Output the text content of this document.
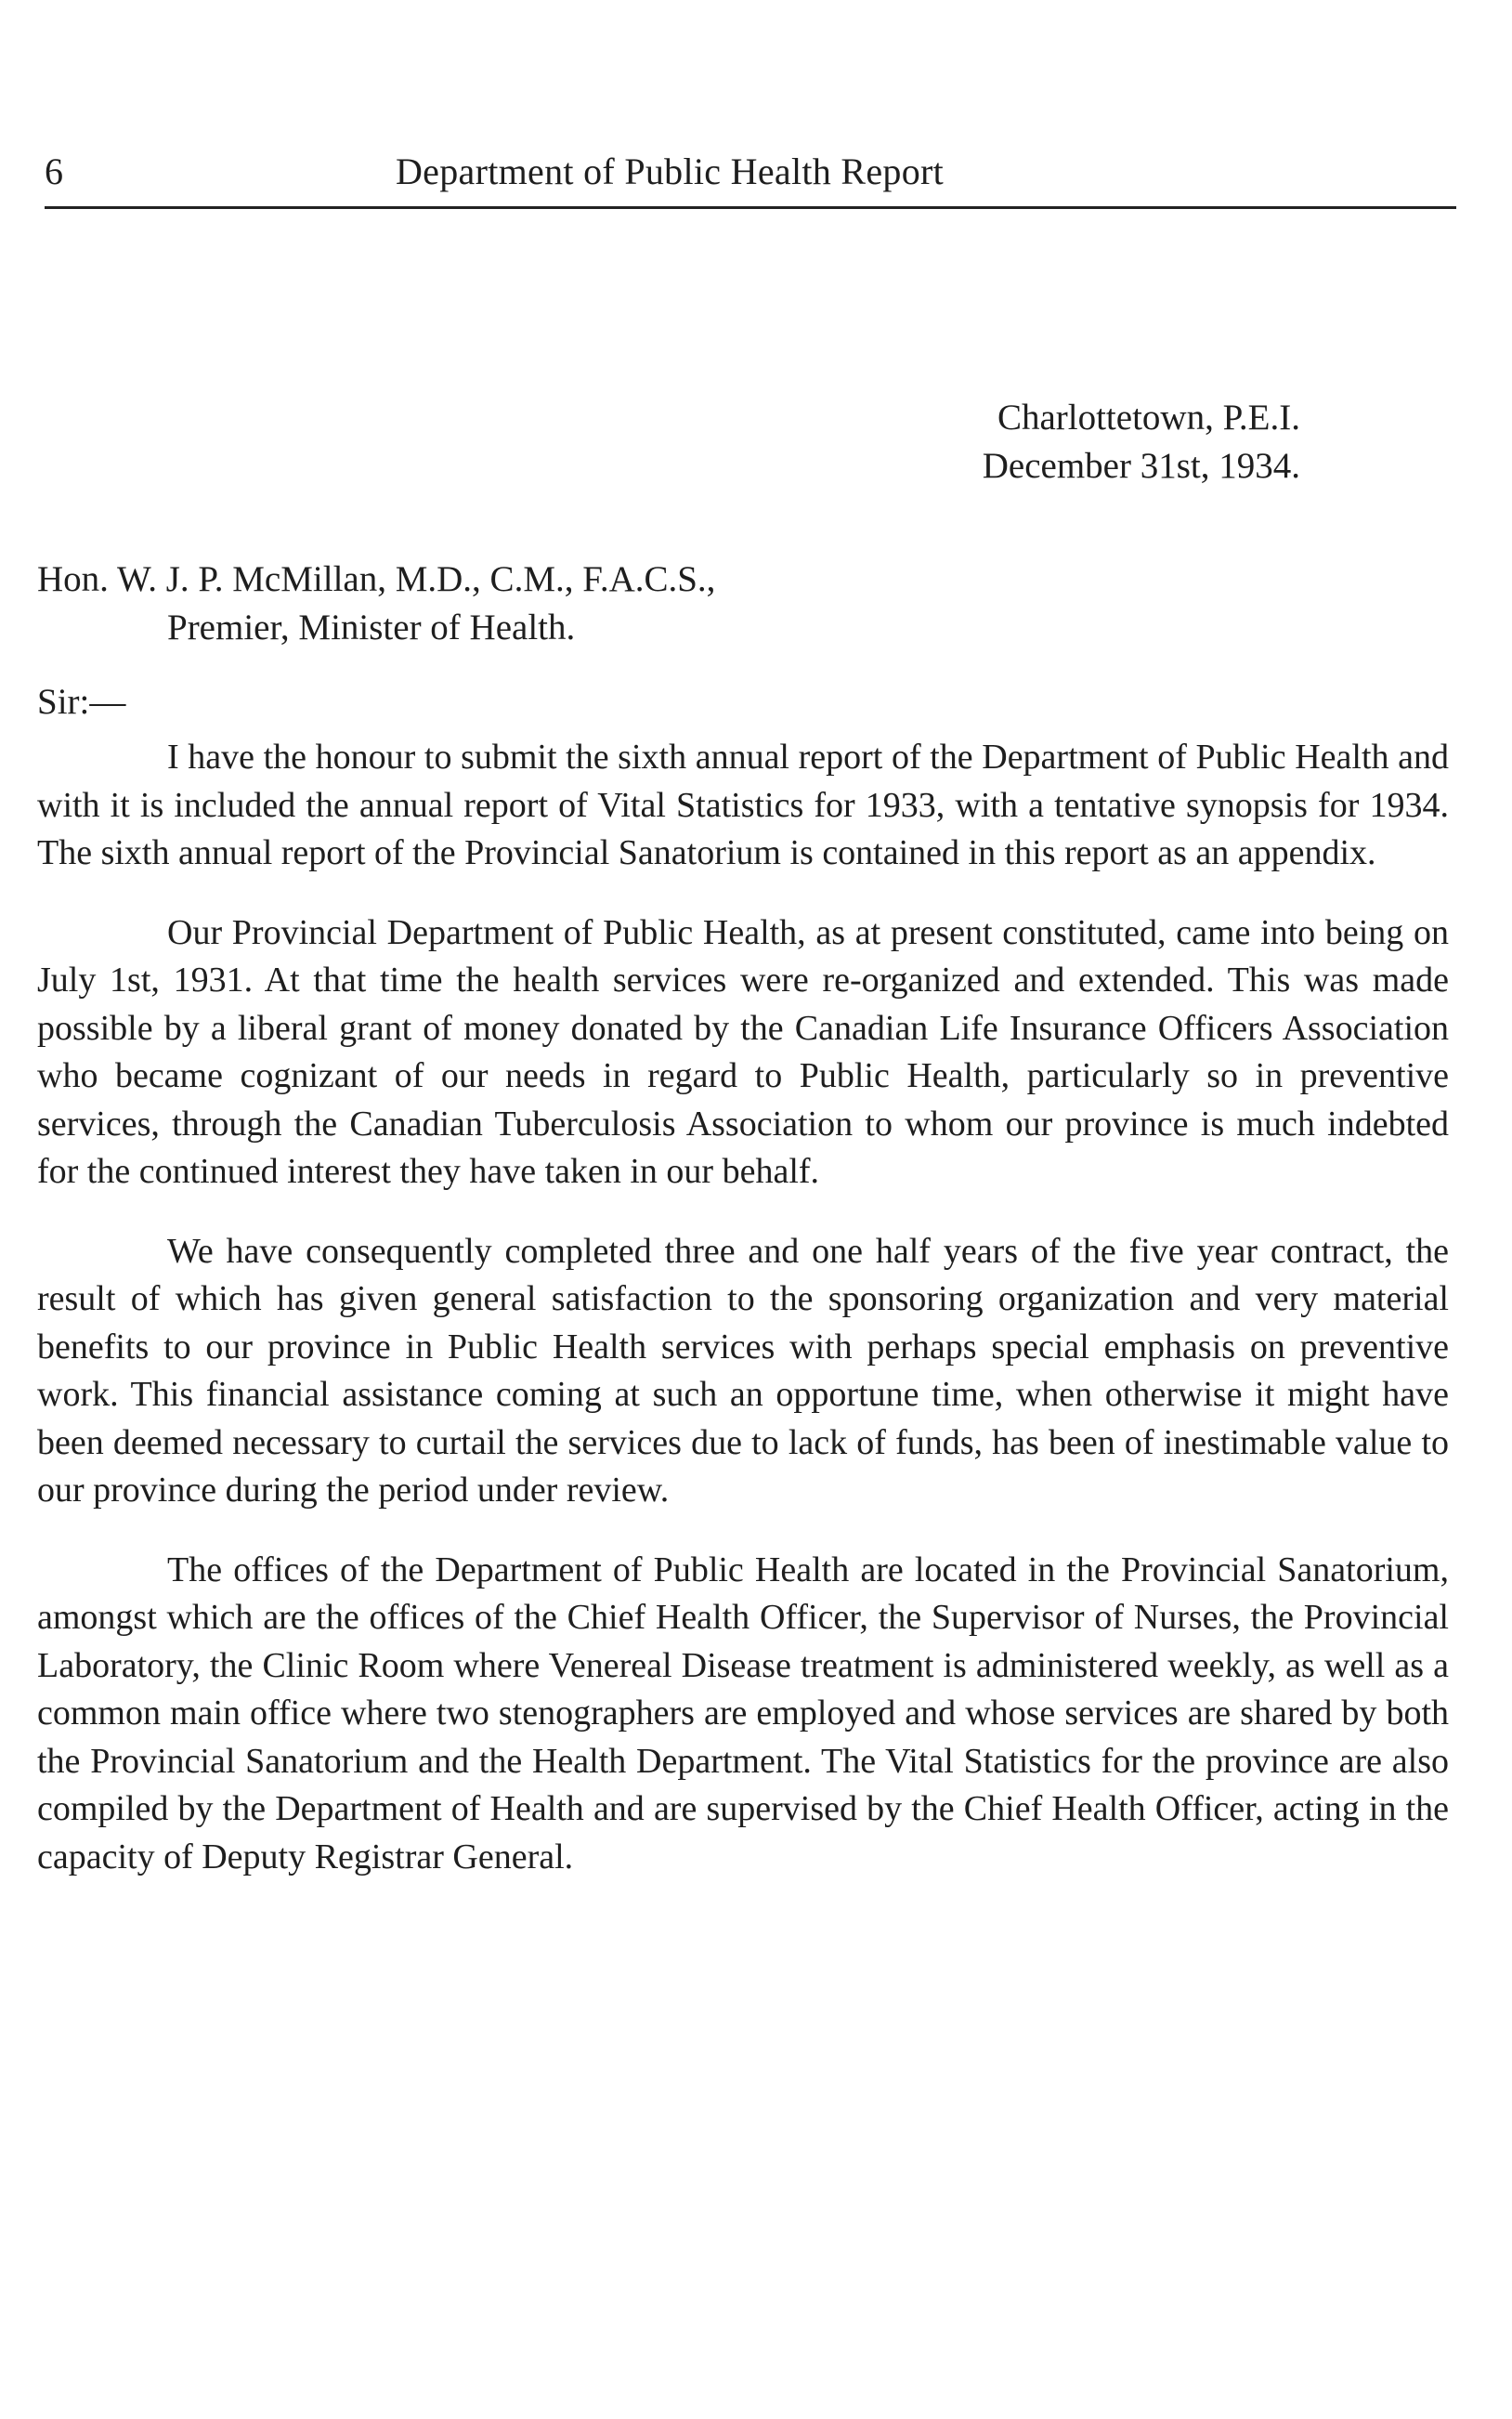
6	Department of Public Health Report
Charlottetown, P.E.I.
December 31st, 1934.
Hon. W. J. P. McMillan, M.D., C.M., F.A.C.S.,
Premier, Minister of Health.
Sir:—

I have the honour to submit the sixth annual report of the Department of Public Health and with it is included the annual report of Vital Statistics for 1933, with a tentative synopsis for 1934. The sixth annual report of the Provincial Sanatorium is contained in this report as an appendix.

Our Provincial Department of Public Health, as at present constituted, came into being on July 1st, 1931. At that time the health services were re-organized and extended. This was made possible by a liberal grant of money donated by the Canadian Life Insurance Officers Association who became cognizant of our needs in regard to Public Health, particularly so in preventive services, through the Canadian Tuberculosis Association to whom our province is much indebted for the continued interest they have taken in our behalf.

We have consequently completed three and one half years of the five year contract, the result of which has given general satisfaction to the sponsoring organization and very material benefits to our province in Public Health services with perhaps special emphasis on preventive work. This financial assistance coming at such an opportune time, when otherwise it might have been deemed necessary to curtail the services due to lack of funds, has been of inestimable value to our province during the period under review.

The offices of the Department of Public Health are located in the Provincial Sanatorium, amongst which are the offices of the Chief Health Officer, the Supervisor of Nurses, the Provincial Laboratory, the Clinic Room where Venereal Disease treatment is administered weekly, as well as a common main office where two stenographers are employed and whose services are shared by both the Provincial Sanatorium and the Health Department. The Vital Statistics for the province are also compiled by the Department of Health and are supervised by the Chief Health Officer, acting in the capacity of Deputy Registrar General.
